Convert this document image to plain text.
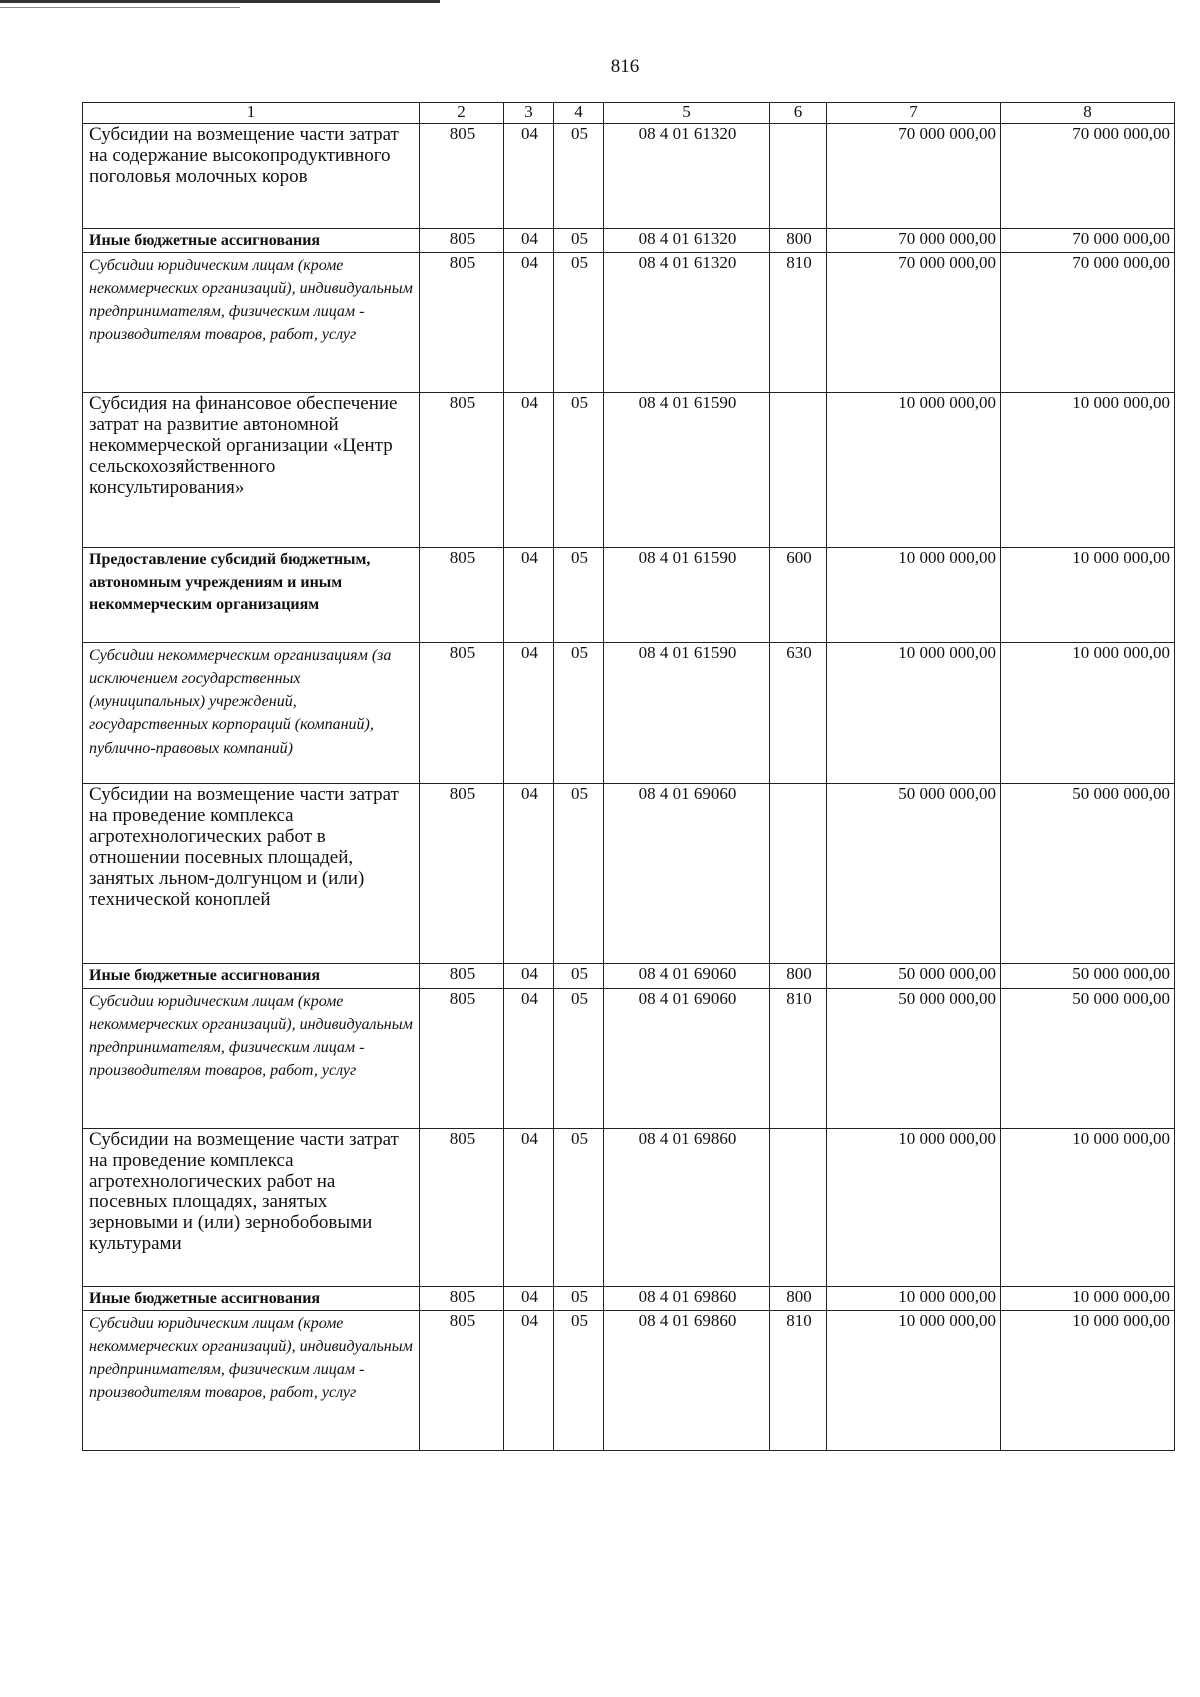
816
1	2	3	4	5	6	7	8
Субсидии на возмещение части затрат на содержание высокопродуктивного поголовья молочных коров	805	04	05	08 4 01 61320		70 000 000,00	70 000 000,00
Иные бюджетные ассигнования	805	04	05	08 4 01 61320	800	70 000 000,00	70 000 000,00
Субсидии юридическим лицам (кроме некоммерческих организаций), индивидуальным предпринимателям, физическим лицам - производителям товаров, работ, услуг	805	04	05	08 4 01 61320	810	70 000 000,00	70 000 000,00
Субсидия на финансовое обеспечение затрат на развитие автономной некоммерческой организации «Центр сельскохозяйственного консультирования»	805	04	05	08 4 01 61590		10 000 000,00	10 000 000,00
Предоставление субсидий бюджетным, автономным учреждениям и иным некоммерческим организациям	805	04	05	08 4 01 61590	600	10 000 000,00	10 000 000,00
Субсидии некоммерческим организациям (за исключением государственных (муниципальных) учреждений, государственных корпораций (компаний), публично-правовых компаний)	805	04	05	08 4 01 61590	630	10 000 000,00	10 000 000,00
Субсидии на возмещение части затрат на проведение комплекса агротехнологических работ в отношении посевных площадей, занятых льном-долгунцом и (или) технической коноплей	805	04	05	08 4 01 69060		50 000 000,00	50 000 000,00
Иные бюджетные ассигнования	805	04	05	08 4 01 69060	800	50 000 000,00	50 000 000,00
Субсидии юридическим лицам (кроме некоммерческих организаций), индивидуальным предпринимателям, физическим лицам - производителям товаров, работ, услуг	805	04	05	08 4 01 69060	810	50 000 000,00	50 000 000,00
Субсидии на возмещение части затрат на проведение комплекса агротехнологических работ на посевных площадях, занятых зерновыми и (или) зернобобовыми культурами	805	04	05	08 4 01 69860		10 000 000,00	10 000 000,00
Иные бюджетные ассигнования	805	04	05	08 4 01 69860	800	10 000 000,00	10 000 000,00
Субсидии юридическим лицам (кроме некоммерческих организаций), индивидуальным предпринимателям, физическим лицам - производителям товаров, работ, услуг	805	04	05	08 4 01 69860	810	10 000 000,00	10 000 000,00
